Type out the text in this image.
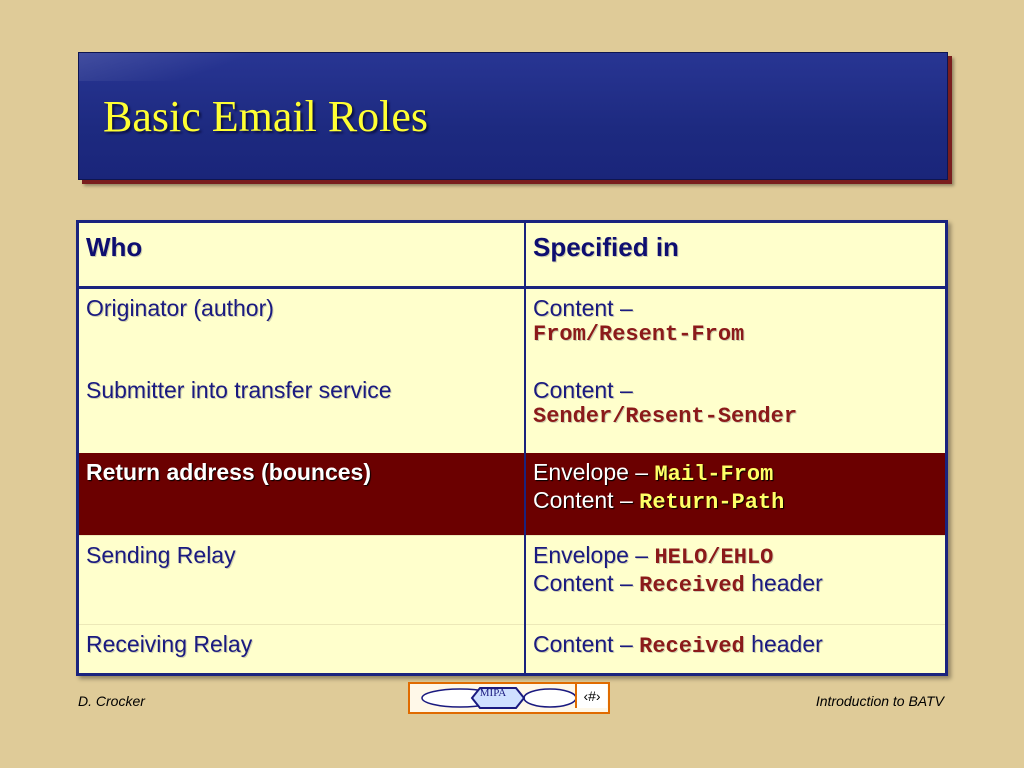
Basic Email Roles
Who	Specified in
Originator (author)	Content –
From/Resent-From

Submitter into transfer service	Content –
Sender/Resent-Sender

Return address (bounces)	Envelope – Mail-From
Content – Return-Path

Sending Relay	Envelope – HELO/EHLO
Content – Received header

Receiving Relay	Content – Received header
D. Crocker	MIPA	‹#›	Introduction to BATV
